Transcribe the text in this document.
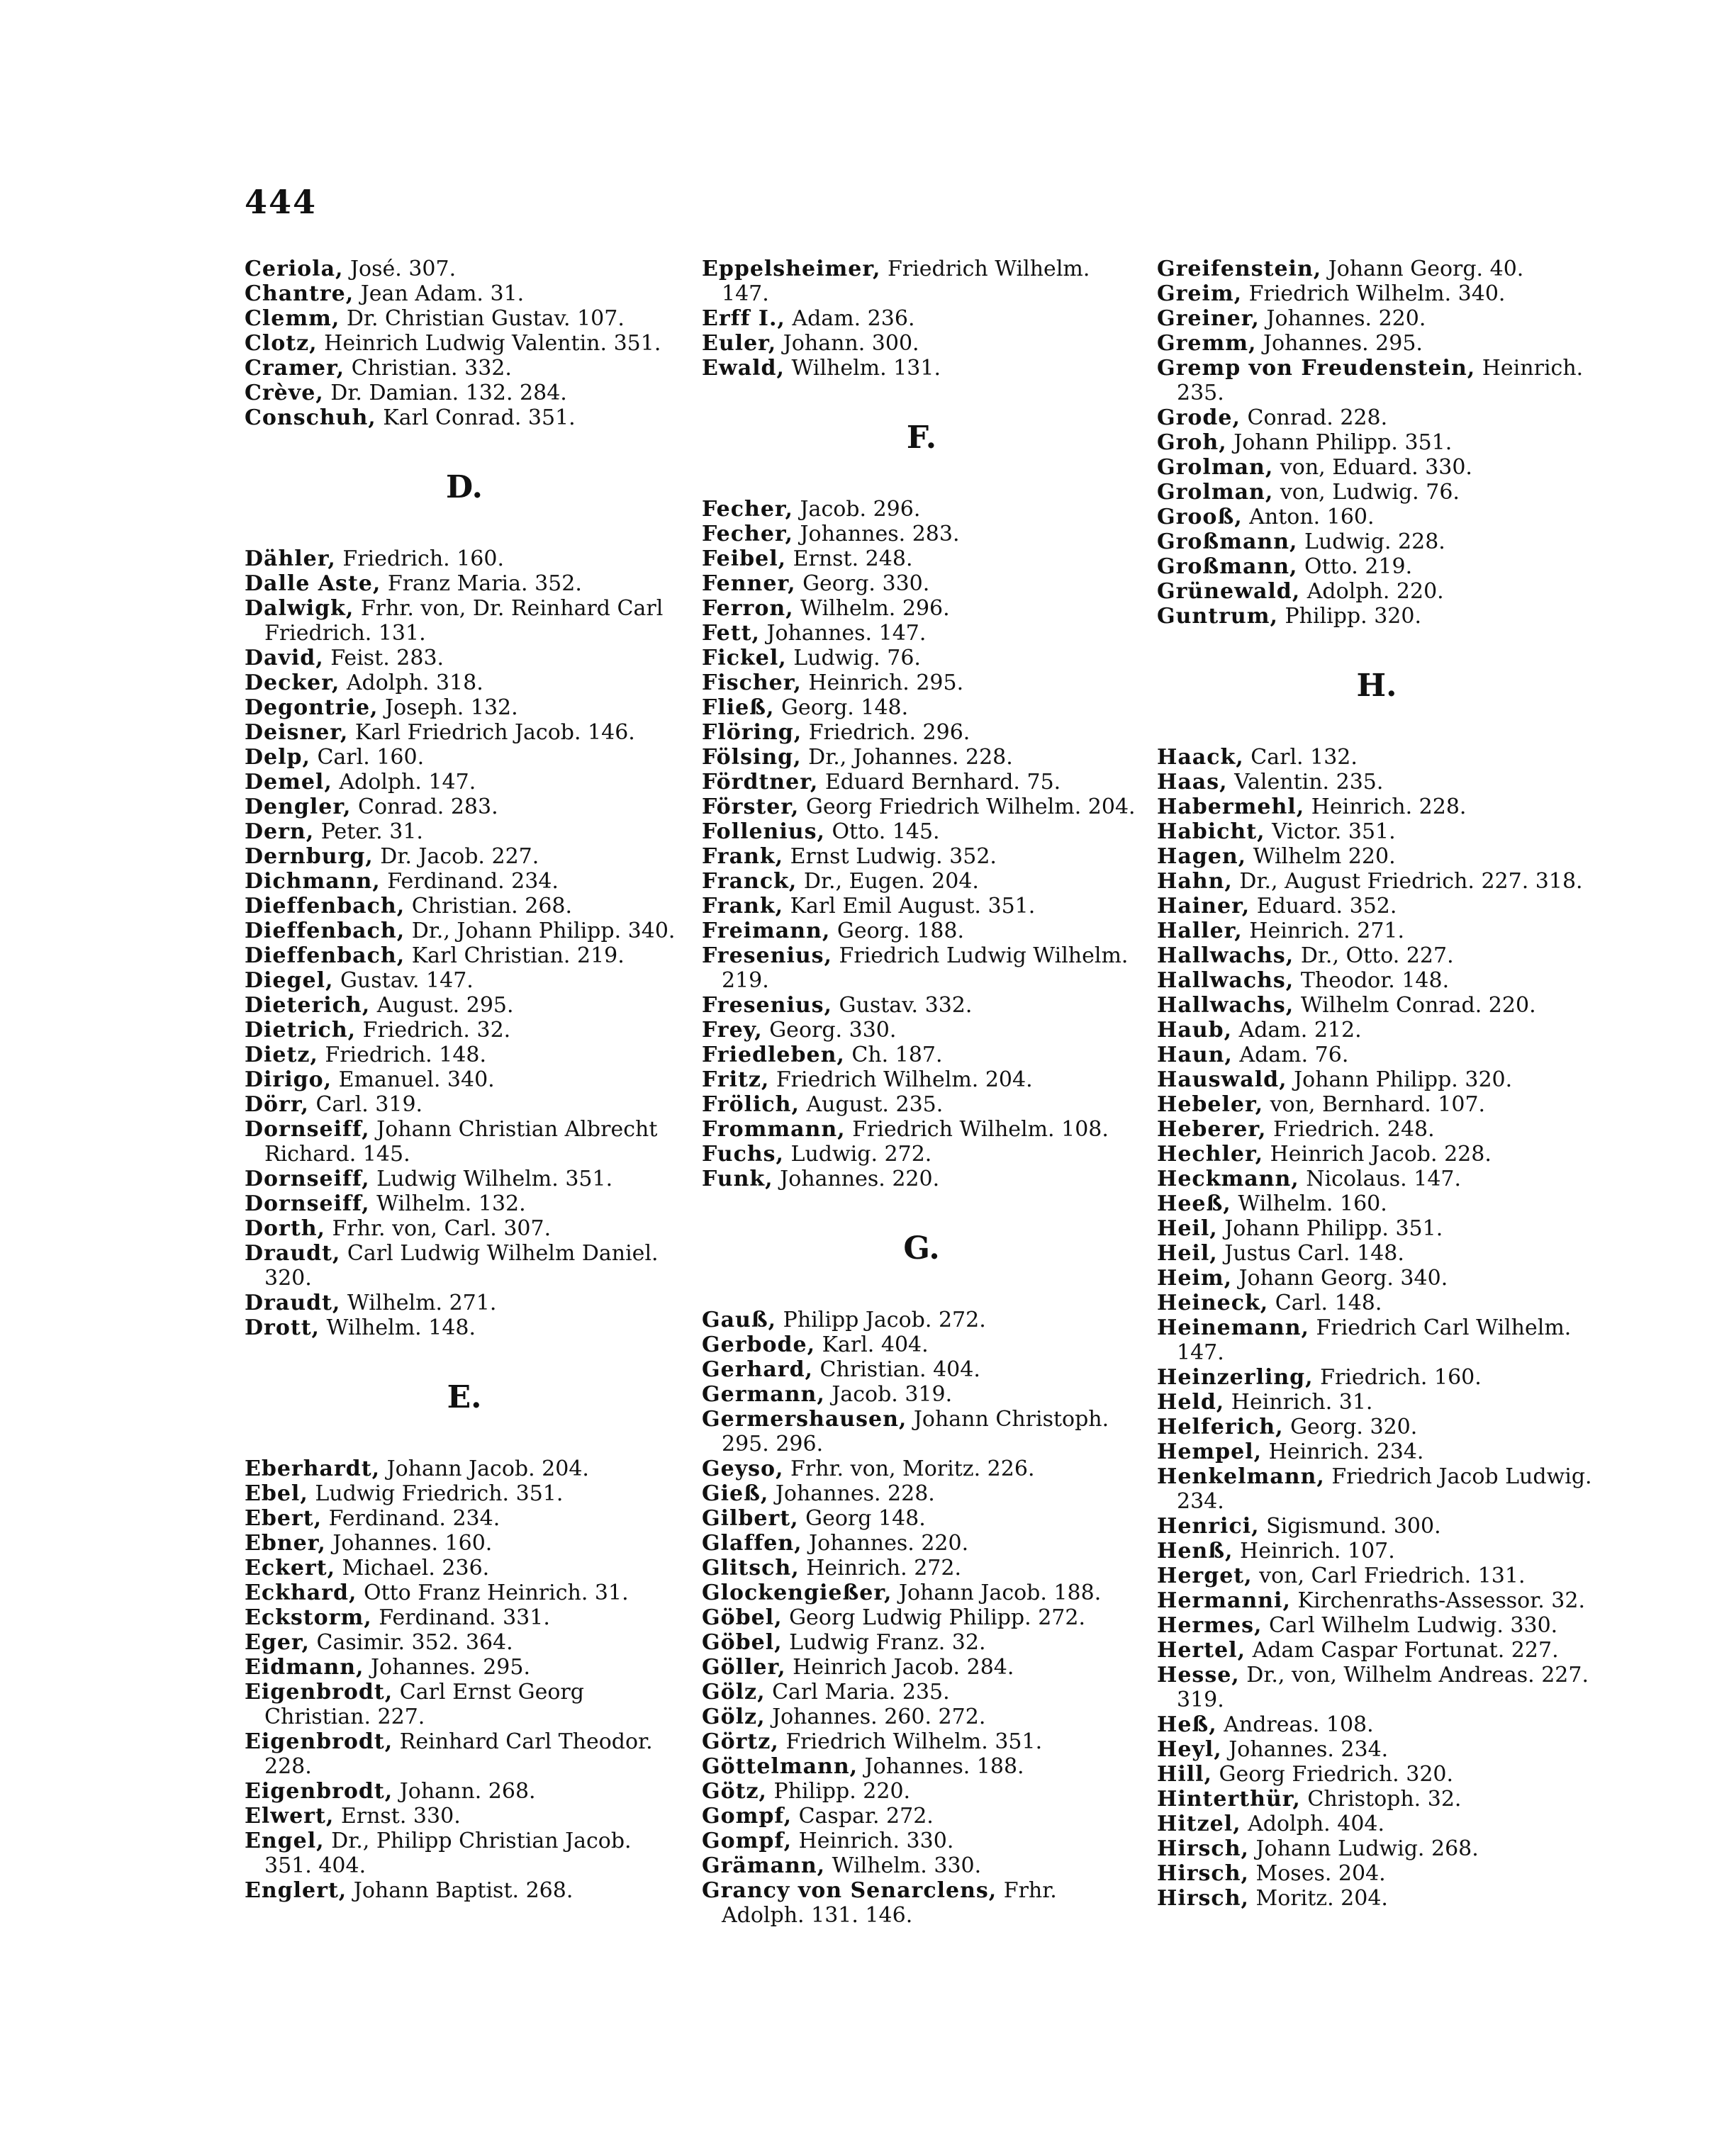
444
Ceriola, José. 307.
Chantre, Jean Adam. 31.
Clemm, Dr. Christian Gustav. 107.
Clotz, Heinrich Ludwig Valentin. 351.
Cramer, Christian. 332.
Crève, Dr. Damian. 132. 284.
Conschuh, Karl Conrad. 351.
D.
Dähler, Friedrich. 160.
Dalle Aste, Franz Maria. 352.
Dalwigk, Frhr. von, Dr. Reinhard Carl Friedrich. 131.
David, Feist. 283.
Decker, Adolph. 318.
Degontrie, Joseph. 132.
Deisner, Karl Friedrich Jacob. 146.
Delp, Carl. 160.
Demel, Adolph. 147.
Dengler, Conrad. 283.
Dern, Peter. 31.
Dernburg, Dr. Jacob. 227.
Dichmann, Ferdinand. 234.
Dieffenbach, Christian. 268.
Dieffenbach, Dr., Johann Philipp. 340.
Dieffenbach, Karl Christian. 219.
Diegel, Gustav. 147.
Dieterich, August. 295.
Dietrich, Friedrich. 32.
Dietz, Friedrich. 148.
Dirigo, Emanuel. 340.
Dörr, Carl. 319.
Dornseiff, Johann Christian Albrecht Richard. 145.
Dornseiff, Ludwig Wilhelm. 351.
Dornseiff, Wilhelm. 132.
Dorth, Frhr. von, Carl. 307.
Draudt, Carl Ludwig Wilhelm Daniel. 320.
Draudt, Wilhelm. 271.
Drott, Wilhelm. 148.
E.
Eberhardt, Johann Jacob. 204.
Ebel, Ludwig Friedrich. 351.
Ebert, Ferdinand. 234.
Ebner, Johannes. 160.
Eckert, Michael. 236.
Eckhard, Otto Franz Heinrich. 31.
Eckstorm, Ferdinand. 331.
Eger, Casimir. 352. 364.
Eidmann, Johannes. 295.
Eigenbrodt, Carl Ernst Georg Christian. 227.
Eigenbrodt, Reinhard Carl Theodor. 228.
Eigenbrodt, Johann. 268.
Elwert, Ernst. 330.
Engel, Dr., Philipp Christian Jacob. 351. 404.
Englert, Johann Baptist. 268.
Eppelsheimer, Friedrich Wilhelm. 147.
Erff I., Adam. 236.
Euler, Johann. 300.
Ewald, Wilhelm. 131.
F.
Fecher, Jacob. 296.
Fecher, Johannes. 283.
Feibel, Ernst. 248.
Fenner, Georg. 330.
Ferron, Wilhelm. 296.
Fett, Johannes. 147.
Fickel, Ludwig. 76.
Fischer, Heinrich. 295.
Fließ, Georg. 148.
Flöring, Friedrich. 296.
Fölsing, Dr., Johannes. 228.
Fördtner, Eduard Bernhard. 75.
Förster, Georg Friedrich Wilhelm. 204.
Follenius, Otto. 145.
Frank, Ernst Ludwig. 352.
Franck, Dr., Eugen. 204.
Frank, Karl Emil August. 351.
Freimann, Georg. 188.
Fresenius, Friedrich Ludwig Wilhelm. 219.
Fresenius, Gustav. 332.
Frey, Georg. 330.
Friedleben, Ch. 187.
Fritz, Friedrich Wilhelm. 204.
Frölich, August. 235.
Frommann, Friedrich Wilhelm. 108.
Fuchs, Ludwig. 272.
Funk, Johannes. 220.
G.
Gauß, Philipp Jacob. 272.
Gerbode, Karl. 404.
Gerhard, Christian. 404.
Germann, Jacob. 319.
Germershausen, Johann Christoph. 295. 296.
Geyso, Frhr. von, Moritz. 226.
Gieß, Johannes. 228.
Gilbert, Georg 148.
Glaffen, Johannes. 220.
Glitsch, Heinrich. 272.
Glockengießer, Johann Jacob. 188.
Göbel, Georg Ludwig Philipp. 272.
Göbel, Ludwig Franz. 32.
Göller, Heinrich Jacob. 284.
Gölz, Carl Maria. 235.
Gölz, Johannes. 260. 272.
Görtz, Friedrich Wilhelm. 351.
Göttelmann, Johannes. 188.
Götz, Philipp. 220.
Gompf, Caspar. 272.
Gompf, Heinrich. 330.
Grämann, Wilhelm. 330.
Grancy von Senarclens, Frhr. Adolph. 131. 146.
Greifenstein, Johann Georg. 40.
Greim, Friedrich Wilhelm. 340.
Greiner, Johannes. 220.
Gremm, Johannes. 295.
Gremp von Freudenstein, Heinrich. 235.
Grode, Conrad. 228.
Groh, Johann Philipp. 351.
Grolman, von, Eduard. 330.
Grolman, von, Ludwig. 76.
Grooß, Anton. 160.
Großmann, Ludwig. 228.
Großmann, Otto. 219.
Grünewald, Adolph. 220.
Guntrum, Philipp. 320.
H.
Haack, Carl. 132.
Haas, Valentin. 235.
Habermehl, Heinrich. 228.
Habicht, Victor. 351.
Hagen, Wilhelm 220.
Hahn, Dr., August Friedrich. 227. 318.
Hainer, Eduard. 352.
Haller, Heinrich. 271.
Hallwachs, Dr., Otto. 227.
Hallwachs, Theodor. 148.
Hallwachs, Wilhelm Conrad. 220.
Haub, Adam. 212.
Haun, Adam. 76.
Hauswald, Johann Philipp. 320.
Hebeler, von, Bernhard. 107.
Heberer, Friedrich. 248.
Hechler, Heinrich Jacob. 228.
Heckmann, Nicolaus. 147.
Heeß, Wilhelm. 160.
Heil, Johann Philipp. 351.
Heil, Justus Carl. 148.
Heim, Johann Georg. 340.
Heineck, Carl. 148.
Heinemann, Friedrich Carl Wilhelm. 147.
Heinzerling, Friedrich. 160.
Held, Heinrich. 31.
Helferich, Georg. 320.
Hempel, Heinrich. 234.
Henkelmann, Friedrich Jacob Ludwig. 234.
Henrici, Sigismund. 300.
Henß, Heinrich. 107.
Herget, von, Carl Friedrich. 131.
Hermanni, Kirchenraths-Assessor. 32.
Hermes, Carl Wilhelm Ludwig. 330.
Hertel, Adam Caspar Fortunat. 227.
Hesse, Dr., von, Wilhelm Andreas. 227. 319.
Heß, Andreas. 108.
Heyl, Johannes. 234.
Hill, Georg Friedrich. 320.
Hinterthür, Christoph. 32.
Hitzel, Adolph. 404.
Hirsch, Johann Ludwig. 268.
Hirsch, Moses. 204.
Hirsch, Moritz. 204.
